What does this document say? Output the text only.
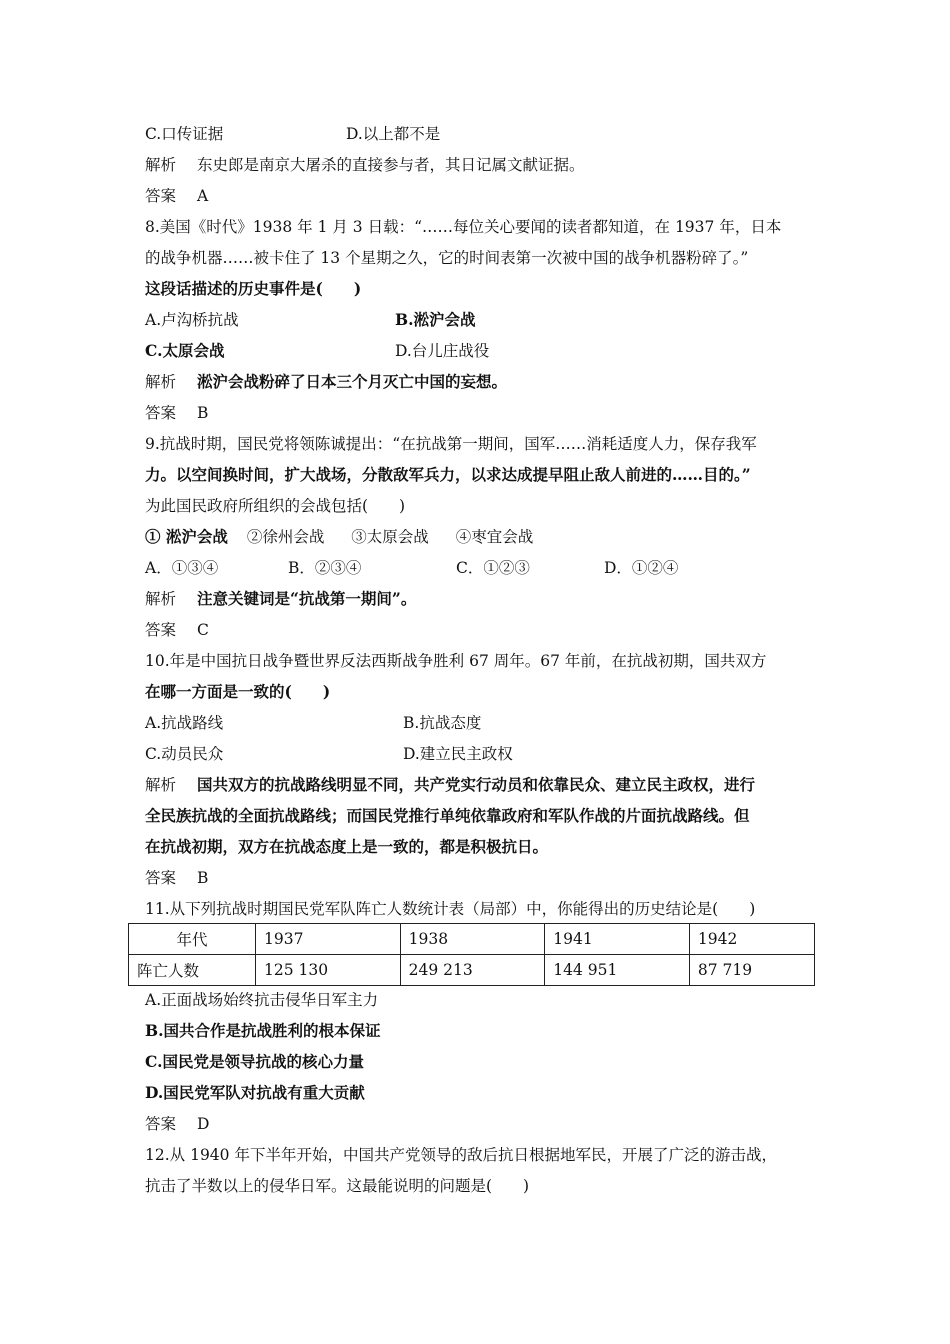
C.口传证据	D.以上都不是
解析 东史郎是南京大屠杀的直接参与者，其日记属文献证据。
答案 A
8.美国《时代》1938 年 1 月 3 日载：“……每位关心要闻的读者都知道，在 1937 年，日本
的战争机器……被卡住了 13 个星期之久，它的时间表第一次被中国的战争机器粉碎了。”
这段话描述的历史事件是(　　)
A.卢沟桥抗战	B.淞沪会战
C.太原会战	D.台儿庄战役
解析 淞沪会战粉碎了日本三个月灭亡中国的妄想。
答案 B
9.抗战时期，国民党将领陈诚提出：“在抗战第一期间，国军……消耗适度人力，保存我军
力。以空间换时间，扩大战场，分散敌军兵力，以求达成提早阻止敌人前进的……目的。”
为此国民政府所组织的会战包括(　　)
① 淞沪会战 ②徐州会战 ③太原会战 ④枣宜会战
A．①③④	B．②③④	C．①②③	D．①②④
解析 注意关键词是“抗战第一期间”。
答案 C
10.年是中国抗日战争暨世界反法西斯战争胜利 67 周年。67 年前，在抗战初期，国共双方
在哪一方面是一致的(　　)
A.抗战路线	B.抗战态度
C.动员民众	D.建立民主政权
解析 国共双方的抗战路线明显不同，共产党实行动员和依靠民众、建立民主政权，进行
全民族抗战的全面抗战路线；而国民党推行单纯依靠政府和军队作战的片面抗战路线。但
在抗战初期，双方在抗战态度上是一致的，都是积极抗日。
答案 B
11.从下列抗战时期国民党军队阵亡人数统计表（局部）中，你能得出的历史结论是(　　)
年代	1937	1938	1941	1942
阵亡人数	125 130	249 213	144 951	87 719
A.正面战场始终抗击侵华日军主力
B.国共合作是抗战胜利的根本保证
C.国民党是领导抗战的核心力量
D.国民党军队对抗战有重大贡献
答案 D
12.从 1940 年下半年开始，中国共产党领导的敌后抗日根据地军民，开展了广泛的游击战，
抗击了半数以上的侵华日军。这最能说明的问题是(　　)
